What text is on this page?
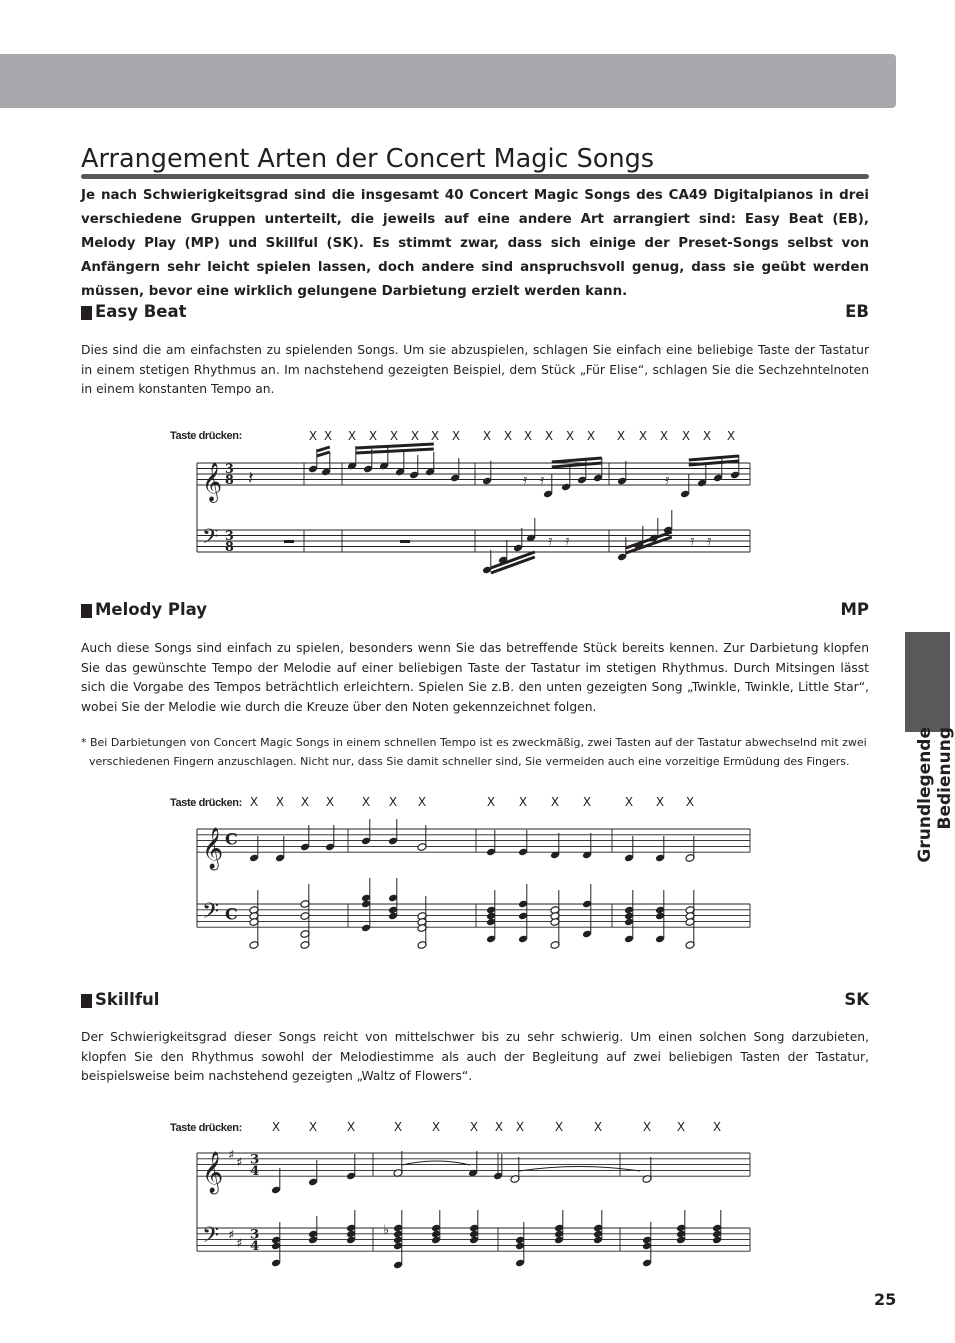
Arrangement Arten der Concert Magic Songs

Je nach Schwierigkeitsgrad sind die insgesamt 40 Concert Magic Songs des CA49 Digitalpianos in drei verschiedene Gruppen unterteilt, die jeweils auf eine andere Art arrangiert sind: Easy Beat (EB), Melody Play (MP) und Skillful (SK). Es stimmt zwar, dass sich einige der Preset-Songs selbst von Anfängern sehr leicht spielen lassen, doch andere sind anspruchsvoll genug, dass sie geübt werden müssen, bevor eine wirklich gelungene Darbietung erzielt werden kann.

Easy Beat	EB

Dies sind die am einfachsten zu spielenden Songs. Um sie abzuspielen, schlagen Sie einfach eine beliebige Taste der Tastatur in einem stetigen Rhythmus an. Im nachstehend gezeigten Beispiel, dem Stück „Für Elise“, schlagen Sie die Sechzehntelnoten in einem konstanten Tempo an.

Melody Play	MP

Auch diese Songs sind einfach zu spielen, besonders wenn Sie das betreffende Stück bereits kennen. Zur Darbietung klopfen Sie das gewünschte Tempo der Melodie auf einer beliebigen Taste der Tastatur im stetigen Rhythmus. Durch Mitsingen lässt sich die Vorgabe des Tempos beträchtlich erleichtern. Spielen Sie z.B. den unten gezeigten Song „Twinkle, Twinkle, Little Star“, wobei Sie der Melodie wie durch die Kreuze über den Noten gekennzeichnet folgen.

* Bei Darbietungen von Concert Magic Songs in einem schnellen Tempo ist es zweckmäßig, zwei Tasten auf der Tastatur abwechselnd mit zwei
verschiedenen Fingern anzuschlagen. Nicht nur, dass Sie damit schneller sind, Sie vermeiden auch eine vorzeitige Ermüdung des Fingers.

Skillful	SK

Der Schwierigkeitsgrad dieser Songs reicht von mittelschwer bis zu sehr schwierig. Um einen solchen Song darzubieten, klopfen Sie den Rhythmus sowohl der Melodiestimme als auch der Begleitung auf zwei beliebigen Tasten der Tastatur, beispielsweise beim nachstehend gezeigten „Waltz of Flowers“.

Grundlegende Bedienung
Taste drücken:	X X X X X X X X X X X X X X X X X X X X
𝄞
𝄢
3
8
3
8
𝄽	𝄿 𝄿	𝄿
𝄿 𝄿	𝄿 𝄿
Taste drücken: X X X X X X X	X X X X	X X X
𝄞
𝄢
C
C
Taste drücken:	X X X	X X X X X	X	X	X X X
𝄞
𝄢
♯
♯
♯
♯
3
4
3
4
♭
25
